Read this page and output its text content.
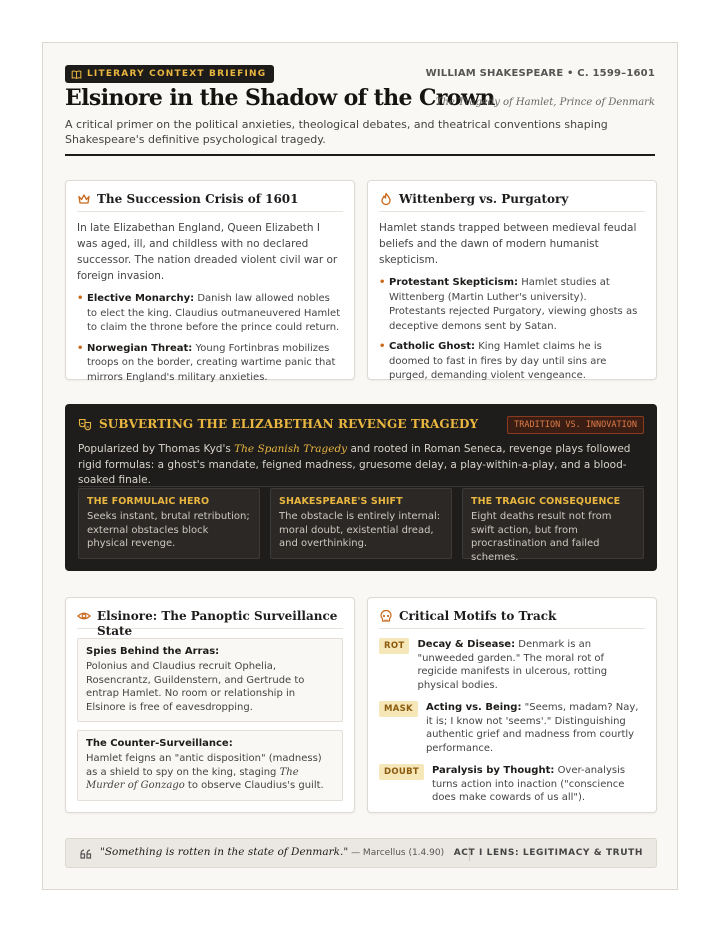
LITERARY CONTEXT BRIEFING	WILLIAM SHAKESPEARE • C. 1599–1601
Elsinore in the Shadow of the Crown
The Tragedy of Hamlet, Prince of Denmark

A critical primer on the political anxieties, theological debates, and theatrical conventions shaping Shakespeare's definitive psychological tragedy.

The Succession Crisis of 1601

In late Elizabethan England, Queen Elizabeth I was aged, ill, and childless with no declared successor. The nation dreaded violent civil war or foreign invasion.

• Elective Monarchy: Danish law allowed nobles to elect the king. Claudius outmaneuvered Hamlet to claim the throne before the prince could return.
• Norwegian Threat: Young Fortinbras mobilizes troops on the border, creating wartime panic that mirrors England's military anxieties.
Wittenberg vs. Purgatory

Hamlet stands trapped between medieval feudal beliefs and the dawn of modern humanist skepticism.

• Protestant Skepticism: Hamlet studies at Wittenberg (Martin Luther's university). Protestants rejected Purgatory, viewing ghosts as deceptive demons sent by Satan.
• Catholic Ghost: King Hamlet claims he is doomed to fast in fires by day until sins are purged, demanding violent vengeance.
SUBVERTING THE ELIZABETHAN REVENGE TRAGEDY	TRADITION VS. INNOVATION

Popularized by Thomas Kyd's The Spanish Tragedy and rooted in Roman Seneca, revenge plays followed rigid formulas: a ghost's mandate, feigned madness, gruesome delay, a play-within-a-play, and a blood-soaked finale.

THE FORMULAIC HERO

Seeks instant, brutal retribution; external obstacles block physical revenge.

SHAKESPEARE'S SHIFT

The obstacle is entirely internal: moral doubt, existential dread, and overthinking.

THE TRAGIC CONSEQUENCE

Eight deaths result not from swift action, but from procrastination and failed schemes.

Elsinore: The Panoptic Surveillance State
Spies Behind the Arras:

Polonius and Claudius recruit Ophelia, Rosencrantz, Guildenstern, and Gertrude to entrap Hamlet. No room or relationship in Elsinore is free of eavesdropping.

The Counter-Surveillance:

Hamlet feigns an "antic disposition" (madness) as a shield to spy on the king, staging The Murder of Gonzago to observe Claudius's guilt.

Critical Motifs to Track
ROT	Decay & Disease: Denmark is an "unweeded garden." The moral rot of regicide manifests in ulcerous, rotting physical bodies.

MASK	Acting vs. Being: "Seems, madam? Nay, it is; I know not 'seems'." Distinguishing authentic grief and madness from courtly performance.

DOUBT	Paralysis by Thought: Over-analysis turns action into inaction ("conscience does make cowards of us all").

"Something is rotten in the state of Denmark." — Marcellus (1.4.90) ACT I LENS: LEGITIMACY & TRUTH
